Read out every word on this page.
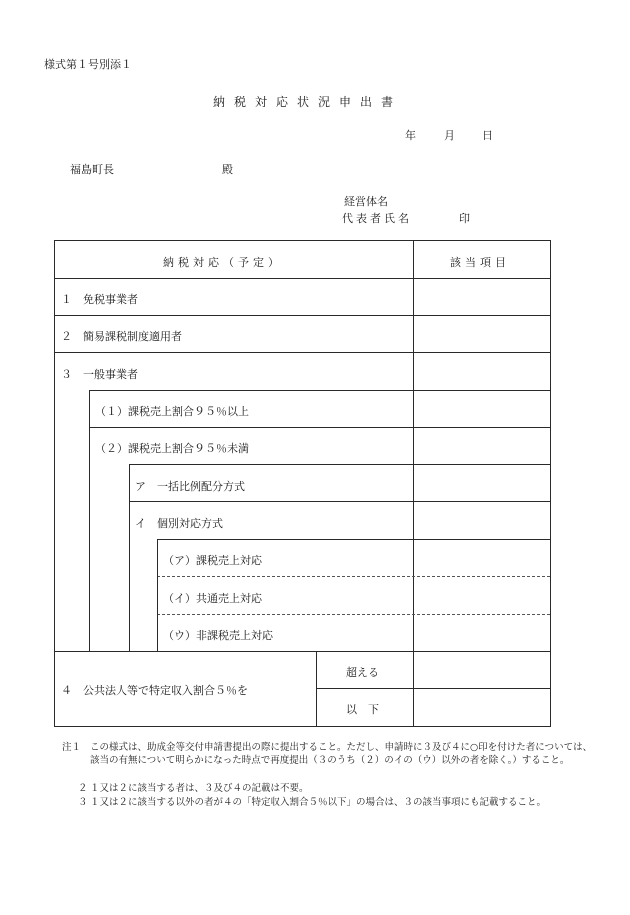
様式第１号別添１
納税対応状況申出書
年	月 日
福島町長	殿
経営体名
代表者氏名	印
納税対応（予定）	該当項目
１　免税事業者
２　簡易課税制度適用者
３　一般事業者
（１）課税売上割合９５％以上
（２）課税売上割合９５％未満
ア　一括比例配分方式
イ　個別対応方式
（ア）課税売上対応
（イ）共通売上対応
（ウ）非課税売上対応
４　公共法人等で特定収入割合５％を
超える
以　下
注１ この様式は、助成金等交付申請書提出の際に提出すること。ただし、申請時に３及び４に○印を付けた者については、該当の有無について明らかになった時点で再度提出（３のうち（２）のイの（ウ）以外の者を除く。）すること。
２ １又は２に該当する者は、３及び４の記載は不要。
３ １又は２に該当する以外の者が４の「特定収入割合５％以下」の場合は、３の該当事項にも記載すること。
